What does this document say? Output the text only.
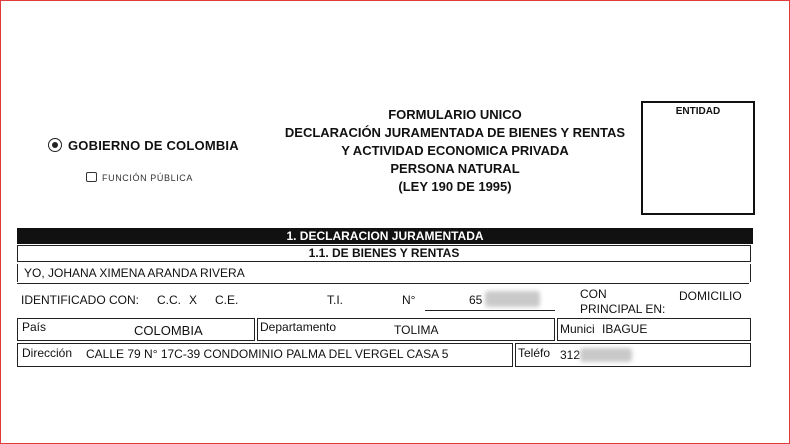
GOBIERNO DE COLOMBIA
FUNCIÓN PÚBLICA
FORMULARIO UNICO
DECLARACIÓN JURAMENTADA DE BIENES Y RENTAS
Y ACTIVIDAD ECONOMICA PRIVADA
PERSONA NATURAL
(LEY 190 DE 1995)
ENTIDAD
1. DECLARACION JURAMENTADA
1.1. DE BIENES Y RENTAS
YO, JOHANA XIMENA ARANDA RIVERA
IDENTIFICADO CON: C.C. X C.E.	T.I.	N°	65	CON	DOMICILIO
PRINCIPAL EN:
País	COLOMBIA	Departamento	TOLIMA	Munici IBAGUE
Dirección CALLE 79 N° 17C-39 CONDOMINIO PALMA DEL VERGEL CASA 5	Teléfo 312
